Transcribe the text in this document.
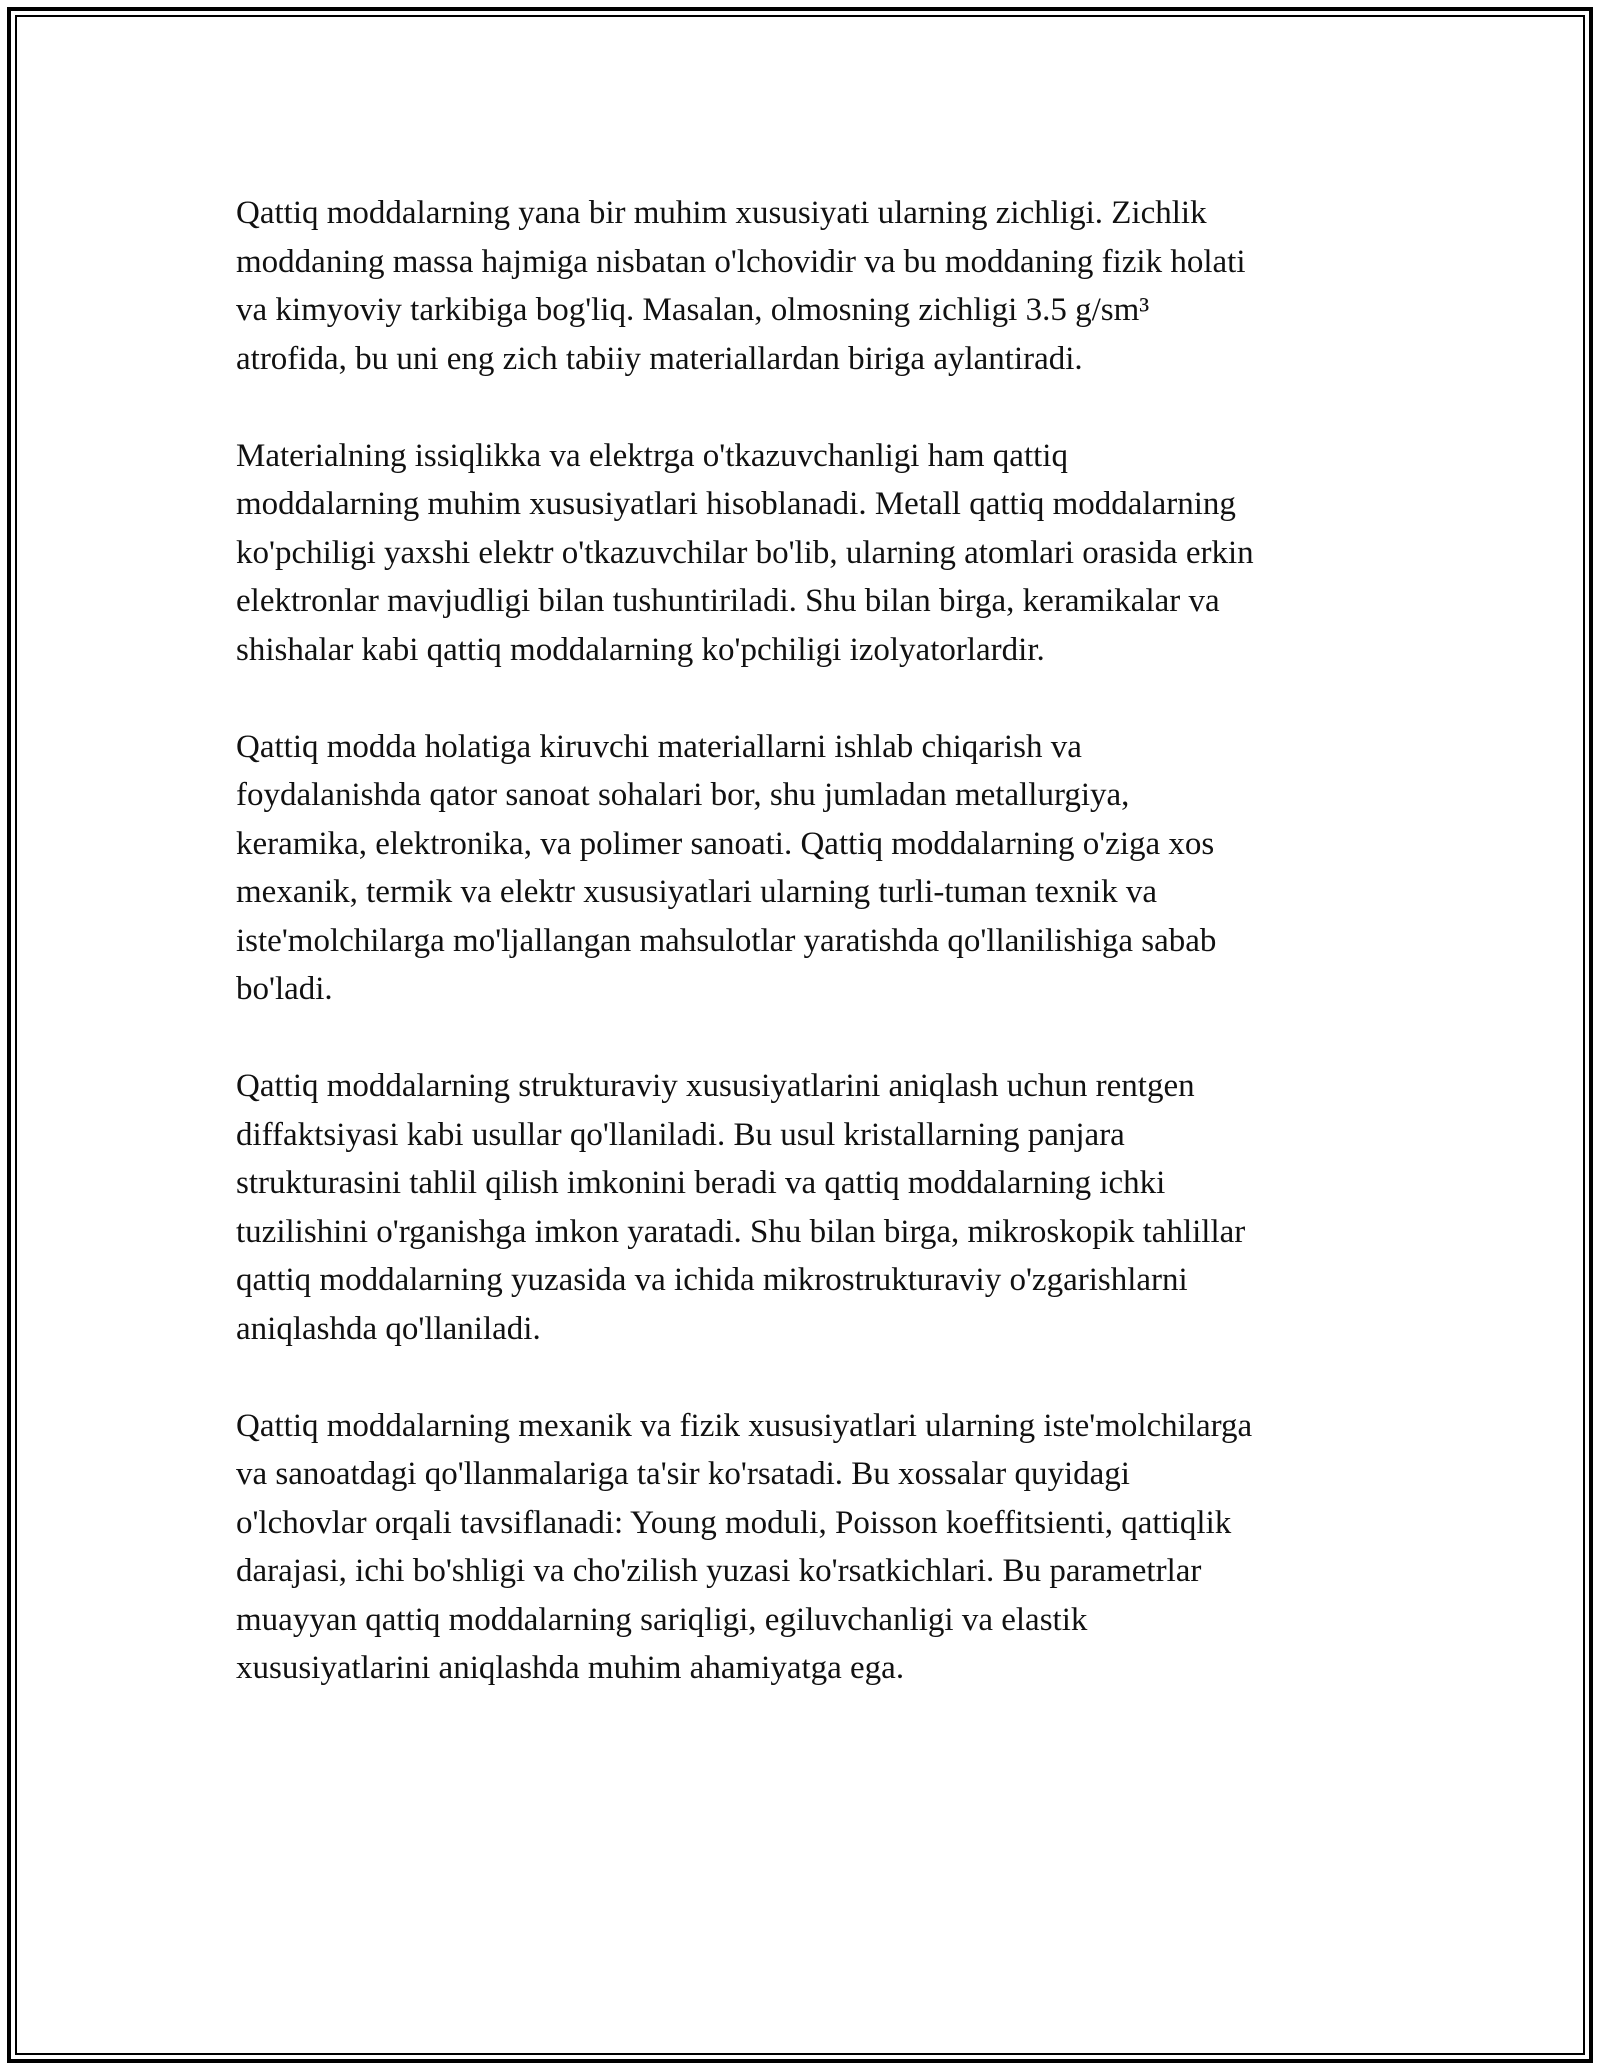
Qattiq moddalarning yana bir muhim xususiyati ularning zichligi. Zichlik
moddaning massa hajmiga nisbatan o'lchovidir va bu moddaning fizik holati
va kimyoviy tarkibiga bog'liq. Masalan, olmosning zichligi 3.5 g/sm³
atrofida, bu uni eng zich tabiiy materiallardan biriga aylantiradi.

Materialning issiqlikka va elektrga o'tkazuvchanligi ham qattiq
moddalarning muhim xususiyatlari hisoblanadi. Metall qattiq moddalarning
ko'pchiligi yaxshi elektr o'tkazuvchilar bo'lib, ularning atomlari orasida erkin
elektronlar mavjudligi bilan tushuntiriladi. Shu bilan birga, keramikalar va
shishalar kabi qattiq moddalarning ko'pchiligi izolyatorlardir.

Qattiq modda holatiga kiruvchi materiallarni ishlab chiqarish va
foydalanishda qator sanoat sohalari bor, shu jumladan metallurgiya,
keramika, elektronika, va polimer sanoati. Qattiq moddalarning o'ziga xos
mexanik, termik va elektr xususiyatlari ularning turli-tuman texnik va
iste'molchilarga mo'ljallangan mahsulotlar yaratishda qo'llanilishiga sabab
bo'ladi.

Qattiq moddalarning strukturaviy xususiyatlarini aniqlash uchun rentgen
diffaktsiyasi kabi usullar qo'llaniladi. Bu usul kristallarning panjara
strukturasini tahlil qilish imkonini beradi va qattiq moddalarning ichki
tuzilishini o'rganishga imkon yaratadi. Shu bilan birga, mikroskopik tahlillar
qattiq moddalarning yuzasida va ichida mikrostrukturaviy o'zgarishlarni
aniqlashda qo'llaniladi.

Qattiq moddalarning mexanik va fizik xususiyatlari ularning iste'molchilarga
va sanoatdagi qo'llanmalariga ta'sir ko'rsatadi. Bu xossalar quyidagi
o'lchovlar orqali tavsiflanadi: Young moduli, Poisson koeffitsienti, qattiqlik
darajasi, ichi bo'shligi va cho'zilish yuzasi ko'rsatkichlari. Bu parametrlar
muayyan qattiq moddalarning sariqligi, egiluvchanligi va elastik
xususiyatlarini aniqlashda muhim ahamiyatga ega.
